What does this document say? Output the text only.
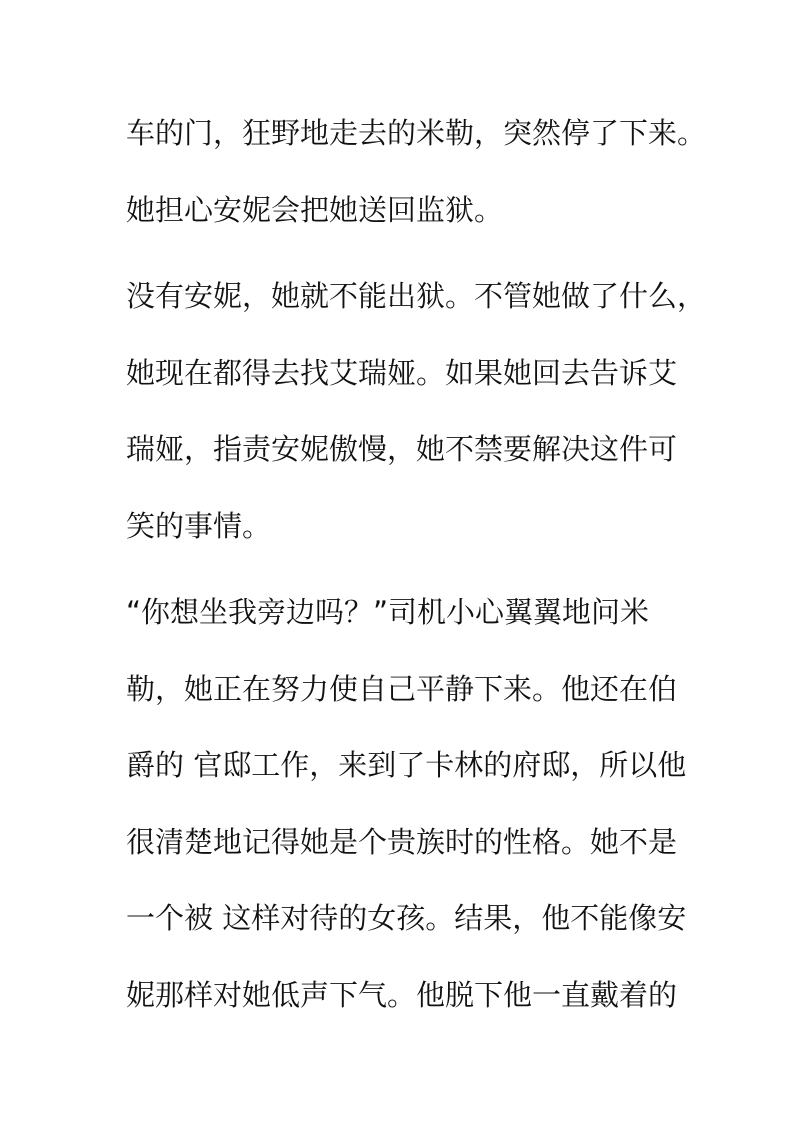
车的门，狂野地走去的米勒，突然停了下来。
她担心安妮会把她送回监狱。

没有安妮，她就不能出狱。不管她做了什么，
她现在都得去找艾瑞娅。如果她回去告诉艾
瑞娅，指责安妮傲慢，她不禁要解决这件可
笑的事情。

“你想坐我旁边吗？”司机小心翼翼地问米
勒，她正在努力使自己平静下来。他还在伯
爵的 官邸工作，来到了卡林的府邸，所以他
很清楚地记得她是个贵族时的性格。她不是
一个被 这样对待的女孩。结果，他不能像安
妮那样对她低声下气。他脱下他一直戴着的
